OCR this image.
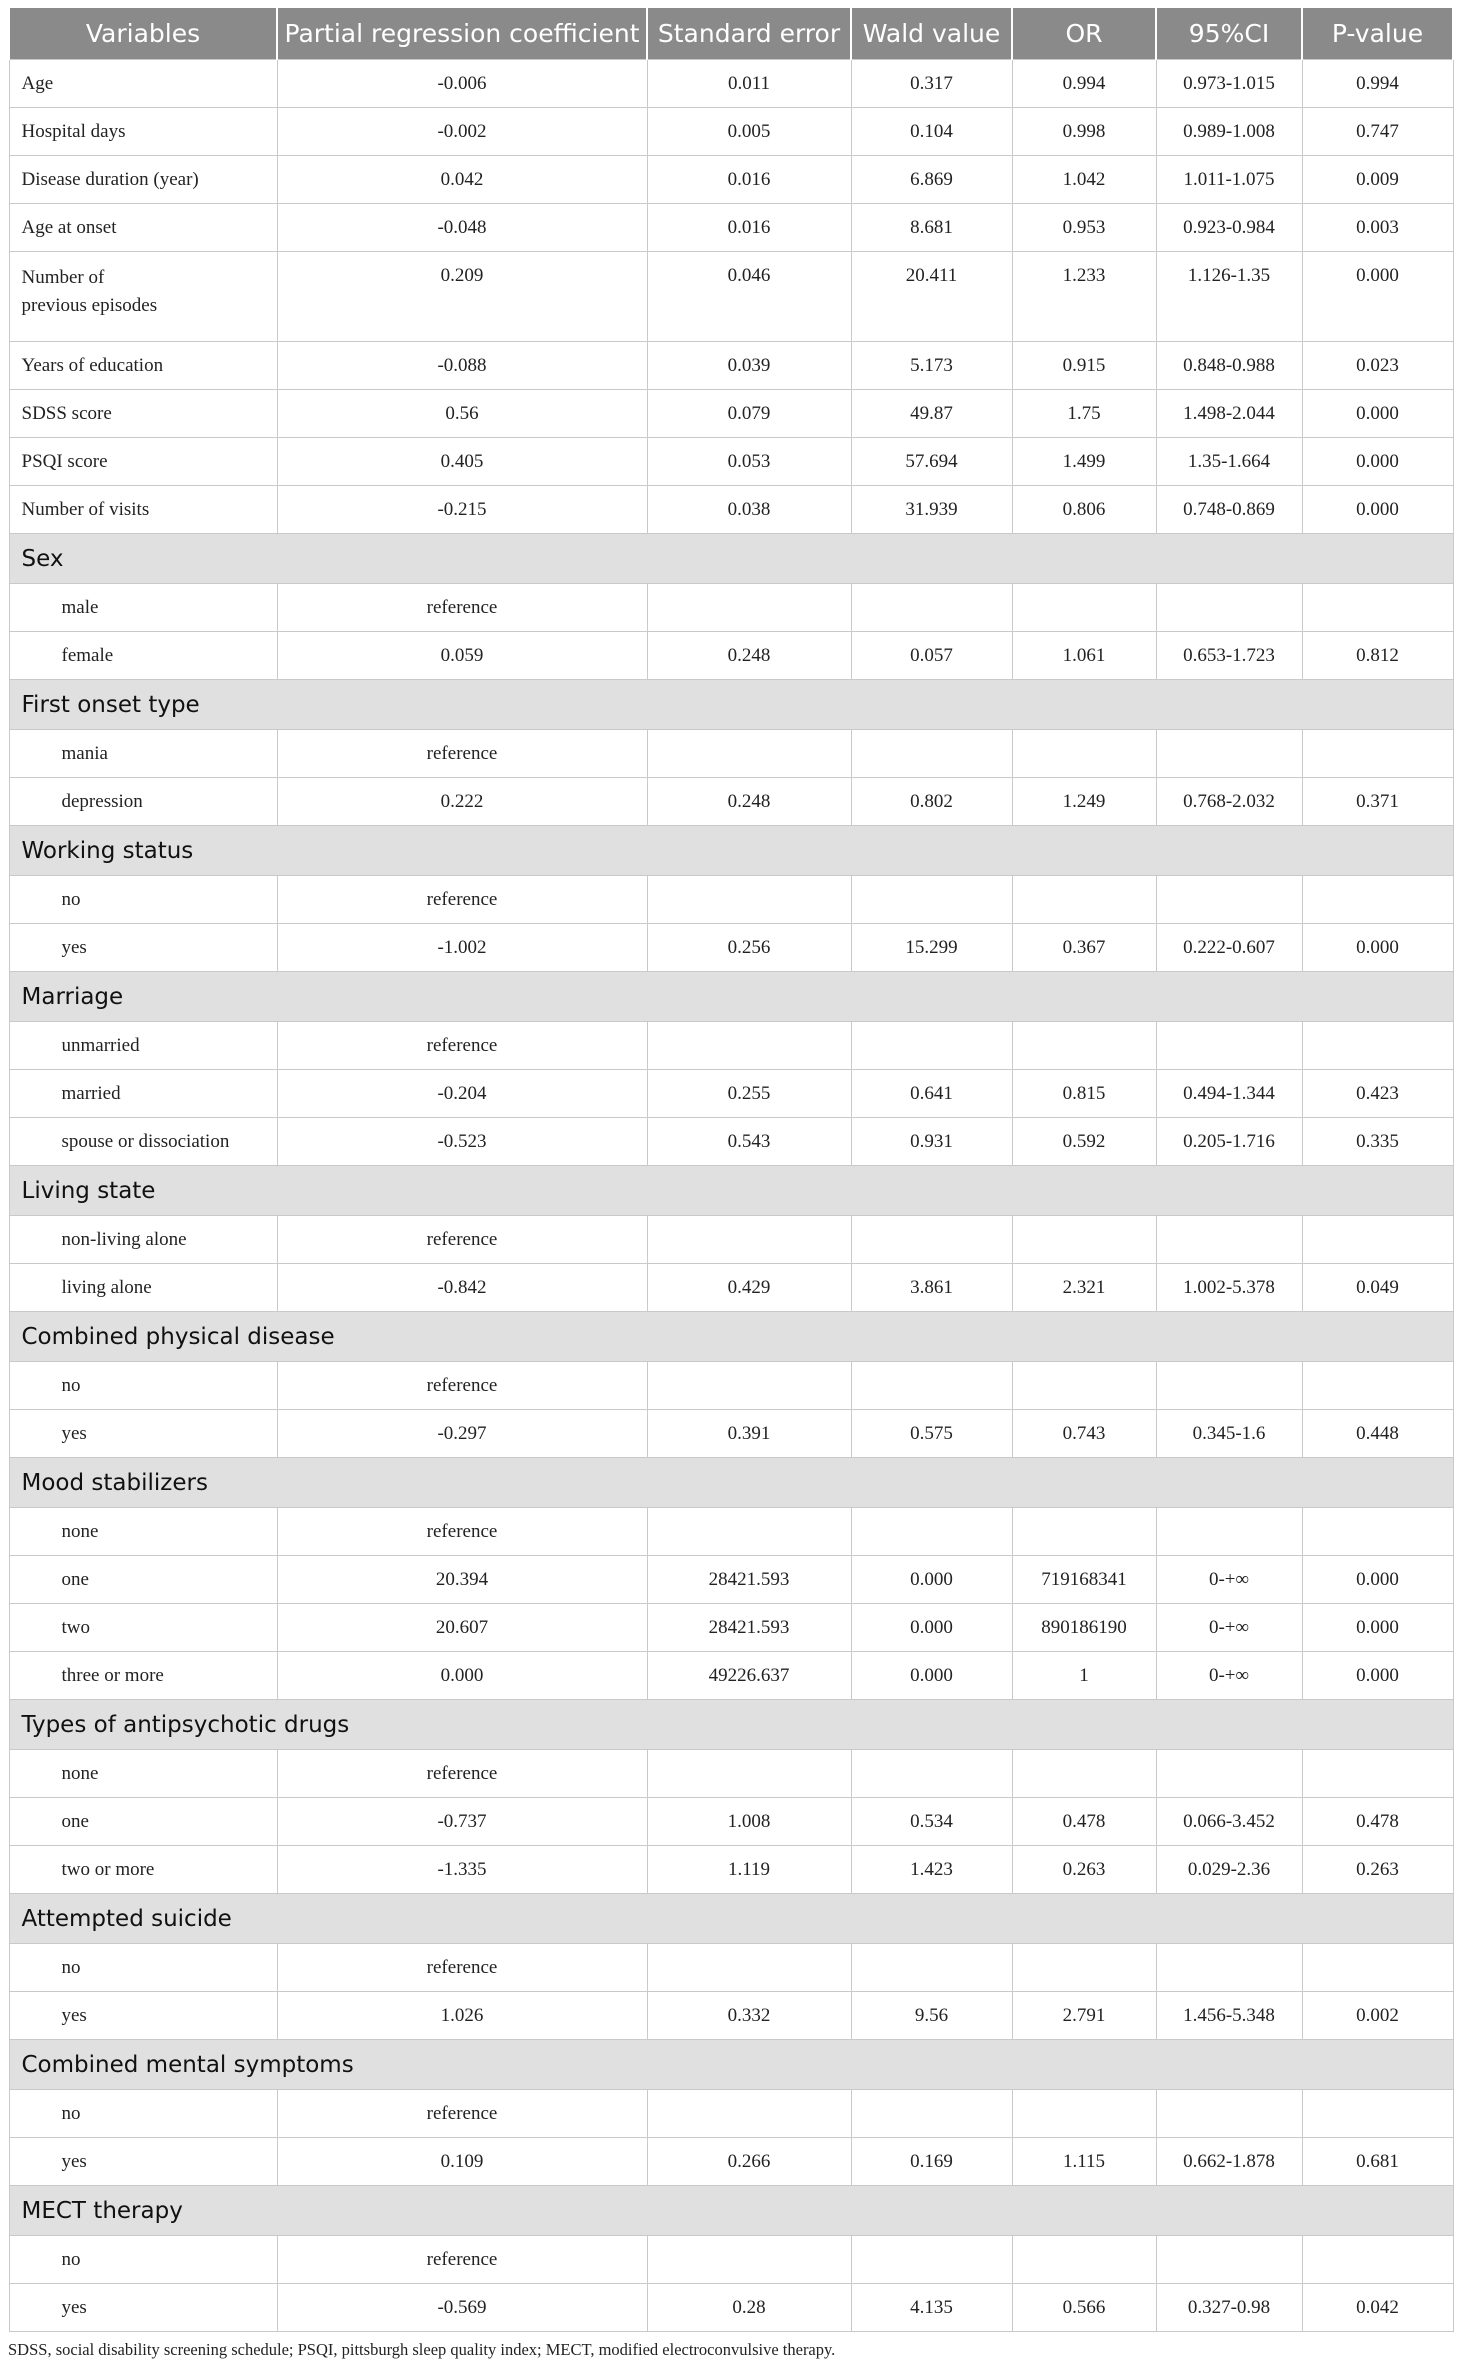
Variables	Partial regression coefficient	Standard error	Wald value	OR	95%CI	P-value
Age	-0.006	0.011	0.317	0.994	0.973-1.015	0.994
Hospital days	-0.002	0.005	0.104	0.998	0.989-1.008	0.747
Disease duration (year)	0.042	0.016	6.869	1.042	1.011-1.075	0.009
Age at onset	-0.048	0.016	8.681	0.953	0.923-0.984	0.003

Number of
previous episodes	0.209	0.046	20.411	1.233	1.126-1.35	0.000
Years of education	-0.088	0.039	5.173	0.915	0.848-0.988	0.023
SDSS score	0.56	0.079	49.87	1.75	1.498-2.044	0.000
PSQI score	0.405	0.053	57.694	1.499	1.35-1.664	0.000
Number of visits	-0.215	0.038	31.939	0.806	0.748-0.869	0.000
Sex						
male	reference					
female	0.059	0.248	0.057	1.061	0.653-1.723	0.812
First onset type						
mania	reference					
depression	0.222	0.248	0.802	1.249	0.768-2.032	0.371
Working status						
no	reference					
yes	-1.002	0.256	15.299	0.367	0.222-0.607	0.000
Marriage						
unmarried	reference					
married	-0.204	0.255	0.641	0.815	0.494-1.344	0.423
spouse or dissociation	-0.523	0.543	0.931	0.592	0.205-1.716	0.335
Living state						
non-living alone	reference					
living alone	-0.842	0.429	3.861	2.321	1.002-5.378	0.049
Combined physical disease						
no	reference					
yes	-0.297	0.391	0.575	0.743	0.345-1.6	0.448
Mood stabilizers						
none	reference					
one	20.394	28421.593	0.000	719168341	0-+∞	0.000
two	20.607	28421.593	0.000	890186190	0-+∞	0.000
three or more	0.000	49226.637	0.000	1	0-+∞	0.000
Types of antipsychotic drugs						
none	reference					
one	-0.737	1.008	0.534	0.478	0.066-3.452	0.478
two or more	-1.335	1.119	1.423	0.263	0.029-2.36	0.263
Attempted suicide						
no	reference					
yes	1.026	0.332	9.56	2.791	1.456-5.348	0.002
Combined mental symptoms						
no	reference					
yes	0.109	0.266	0.169	1.115	0.662-1.878	0.681
MECT therapy						
no	reference					
yes	-0.569	0.28	4.135	0.566	0.327-0.98	0.042
SDSS, social disability screening schedule; PSQI, pittsburgh sleep quality index; MECT, modified electroconvulsive therapy.
